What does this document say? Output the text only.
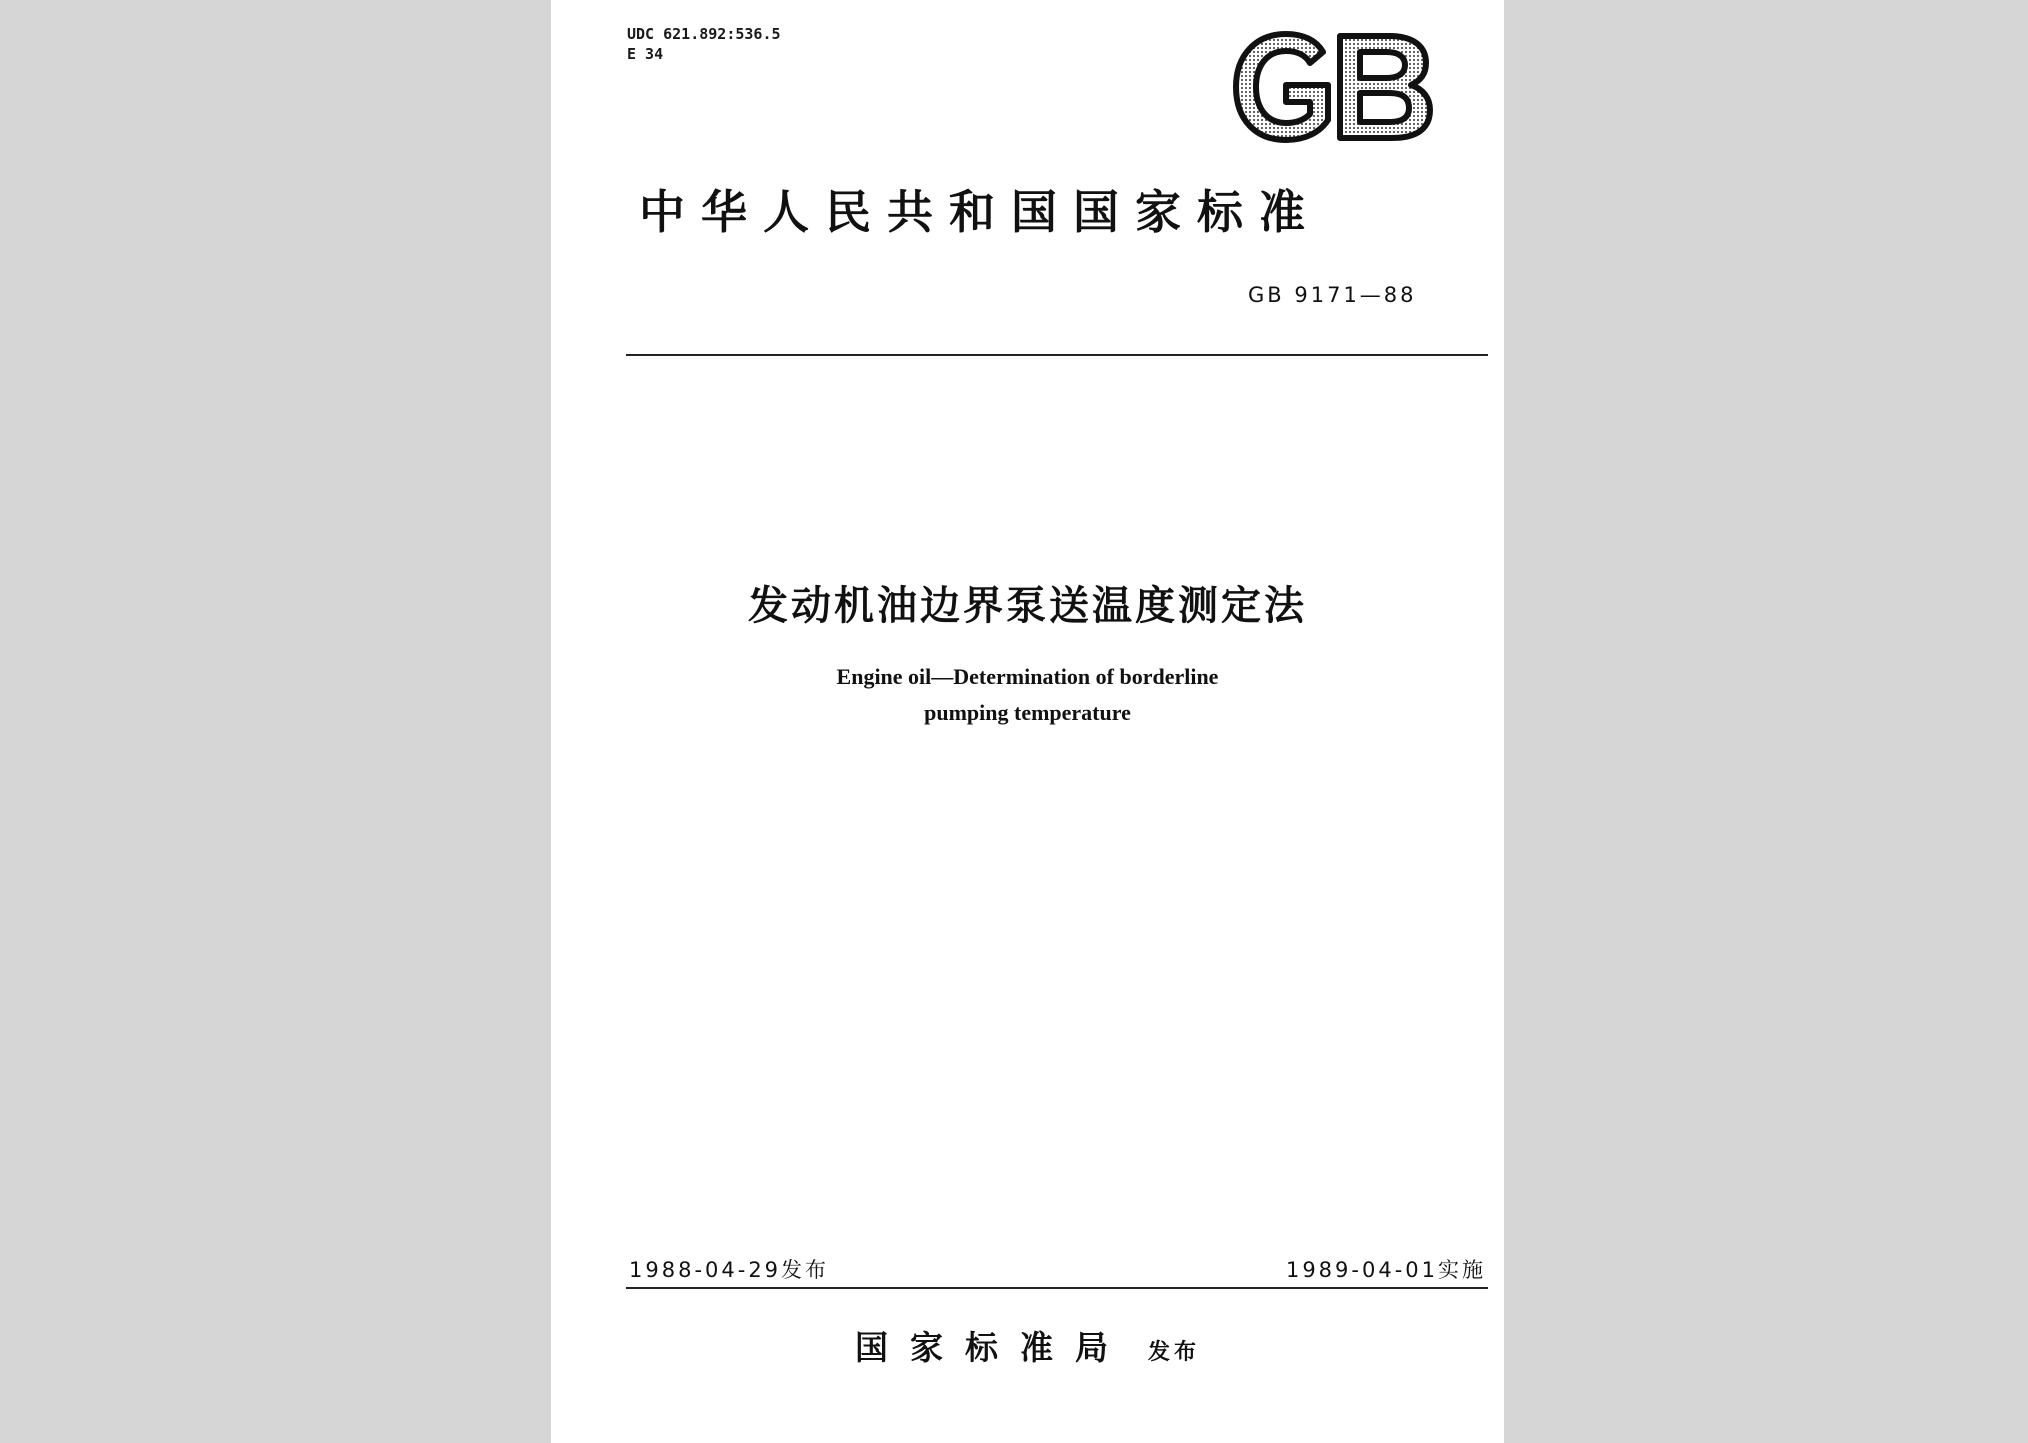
UDC 621.892:536.5
E 34
中华人民共和国国家标准
GB 9171—88
发动机油边界泵送温度测定法
Engine oil—Determination of borderline
pumping temperature
1988-04-29发布	1989-04-01实施
国家标准局 发布
